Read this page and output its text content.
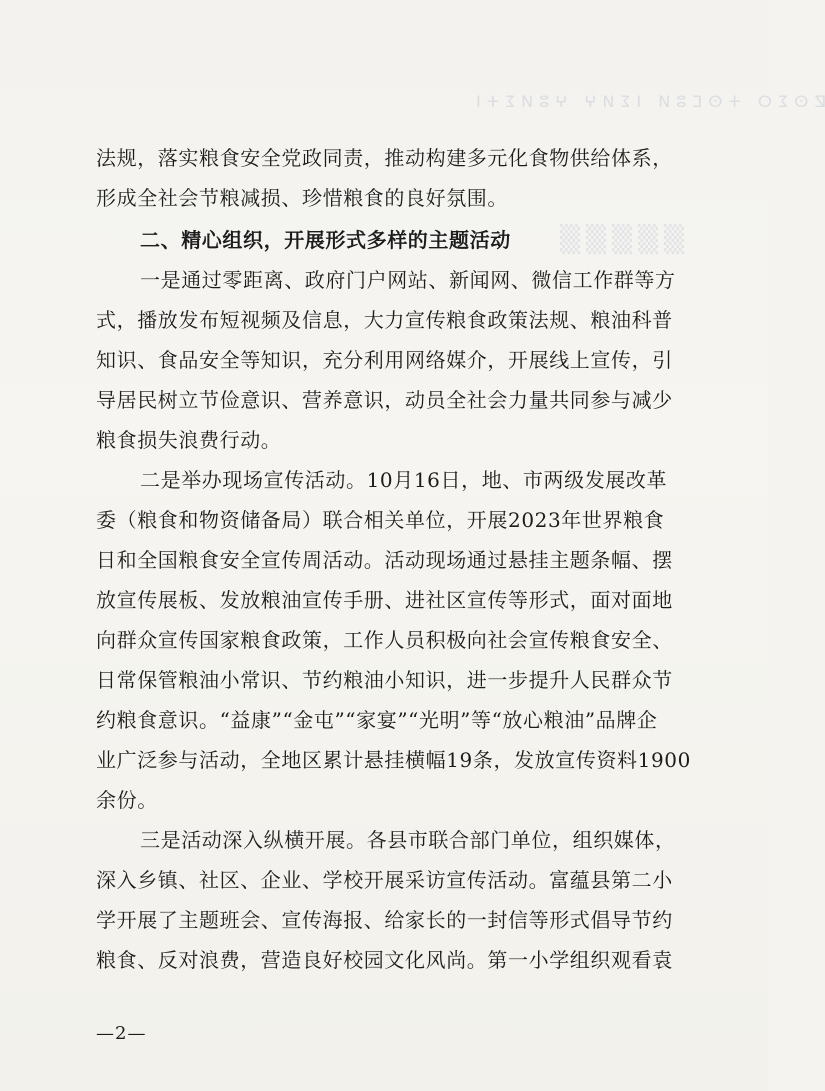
ⵇⵙⵉⵔ ⵜⵙⵎⵓⵍ ⵏⵉⵍⵖ ⵖⵓⵍⵉⵜⵏ
▒▒▒▒▒
法规，落实粮食安全党政同责，推动构建多元化食物供给体系，
形成全社会节粮减损、珍惜粮食的良好氛围。
二、精心组织，开展形式多样的主题活动
一是通过零距离、政府门户网站、新闻网、微信工作群等方
式，播放发布短视频及信息，大力宣传粮食政策法规、粮油科普
知识、食品安全等知识，充分利用网络媒介，开展线上宣传，引
导居民树立节俭意识、营养意识，动员全社会力量共同参与减少
粮食损失浪费行动。
二是举办现场宣传活动。10月16日，地、市两级发展改革
委（粮食和物资储备局）联合相关单位，开展2023年世界粮食
日和全国粮食安全宣传周活动。活动现场通过悬挂主题条幅、摆
放宣传展板、发放粮油宣传手册、进社区宣传等形式，面对面地
向群众宣传国家粮食政策，工作人员积极向社会宣传粮食安全、
日常保管粮油小常识、节约粮油小知识，进一步提升人民群众节
约粮食意识。“益康”“金屯”“家宴”“光明”等“放心粮油”品牌企
业广泛参与活动，全地区累计悬挂横幅19条，发放宣传资料1900
余份。
三是活动深入纵横开展。各县市联合部门单位，组织媒体，
深入乡镇、社区、企业、学校开展采访宣传活动。富蕴县第二小
学开展了主题班会、宣传海报、给家长的一封信等形式倡导节约
粮食、反对浪费，营造良好校园文化风尚。第一小学组织观看袁
—2—
